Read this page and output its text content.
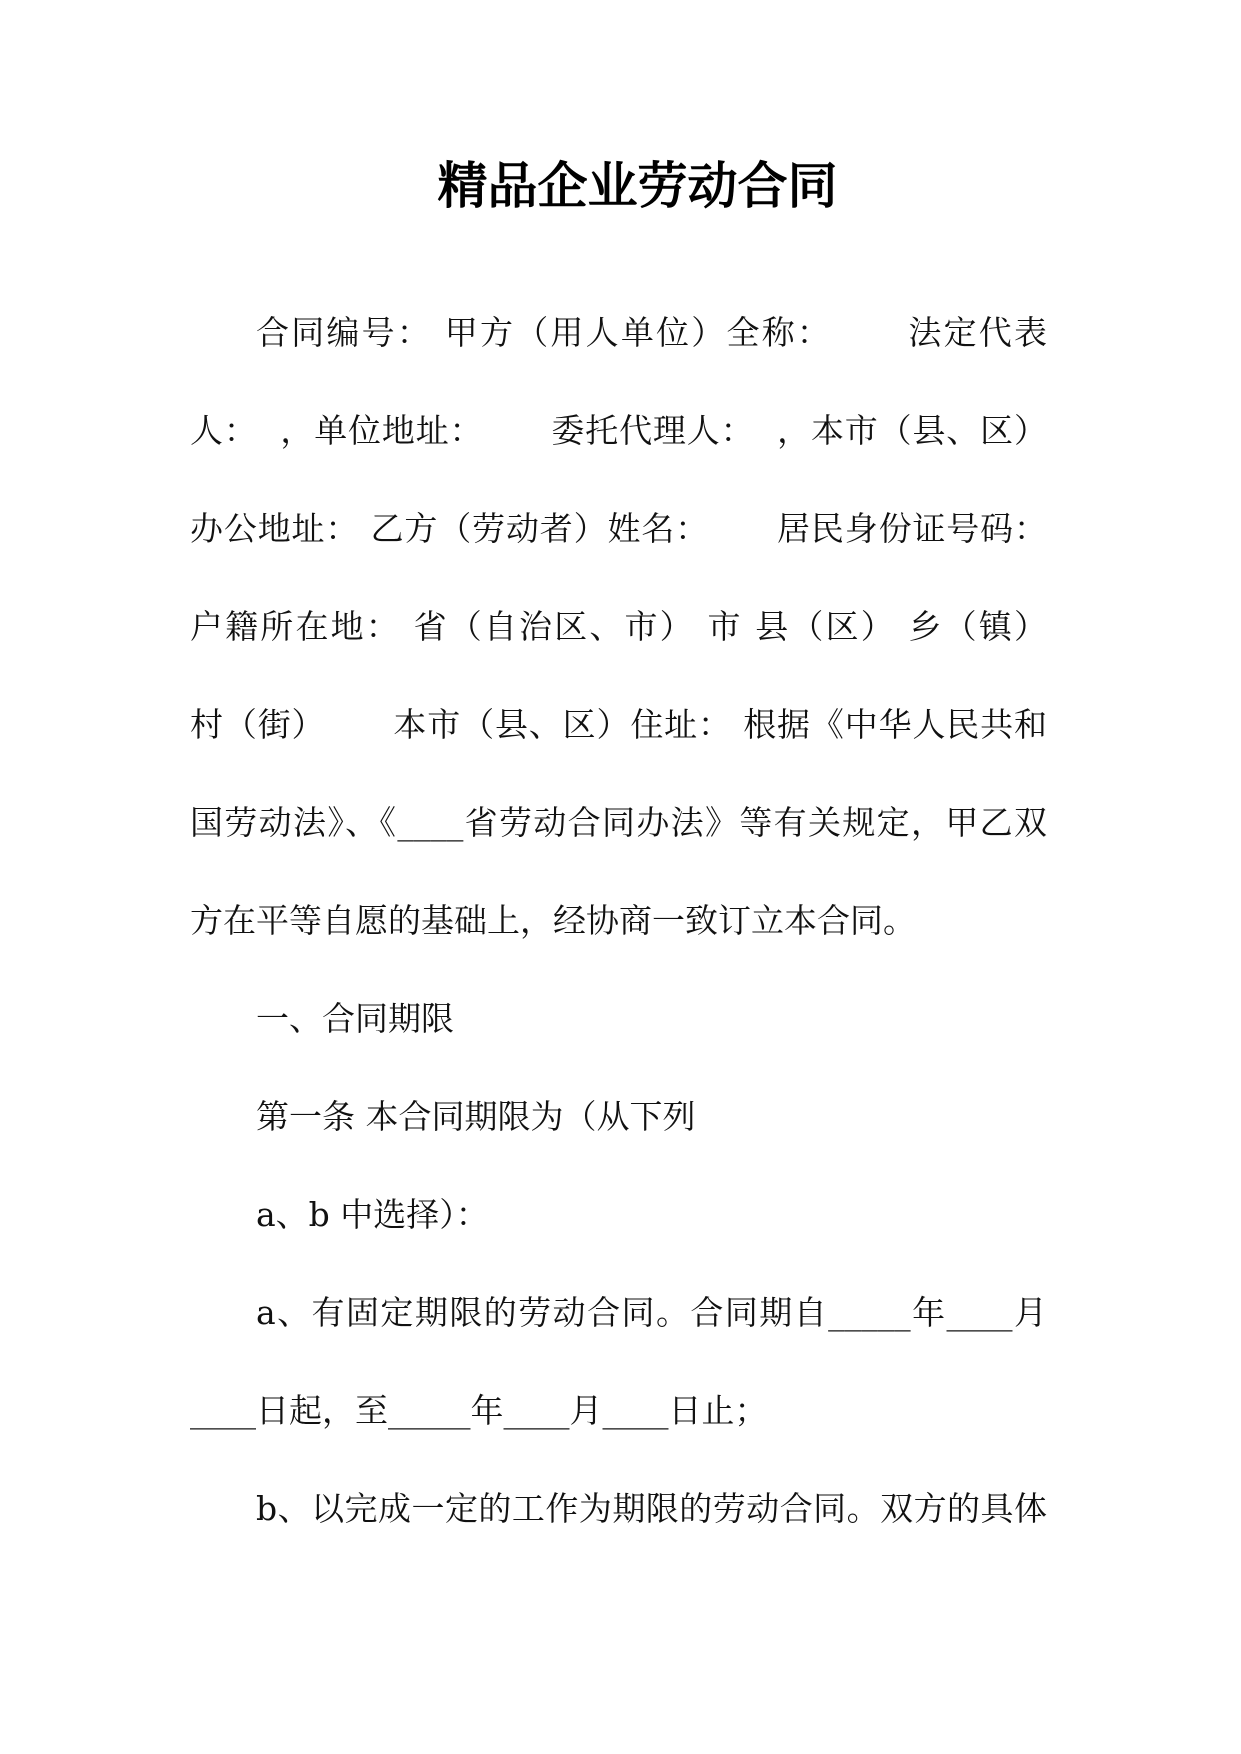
精品企业劳动合同
合同编号： 甲方（用人单位）全称：      法定代表
人：  ，单位地址：      委托代理人：  ，本市（县、区）
办公地址： 乙方（劳动者）姓名：      居民身份证号码：
户籍所在地： 省（自治区、市） 市 县（区） 乡（镇）
村（街）      本市（县、区）住址： 根据《中华人民共和
国劳动法》、《____省劳动合同办法》等有关规定，甲乙双
方在平等自愿的基础上，经协商一致订立本合同。
一、合同期限
第一条 本合同期限为（从下列
a、b 中选择）：
a、有固定期限的劳动合同。合同期自_____年____月
____日起，至_____年____月____日止；
b、以完成一定的工作为期限的劳动合同。双方的具体
